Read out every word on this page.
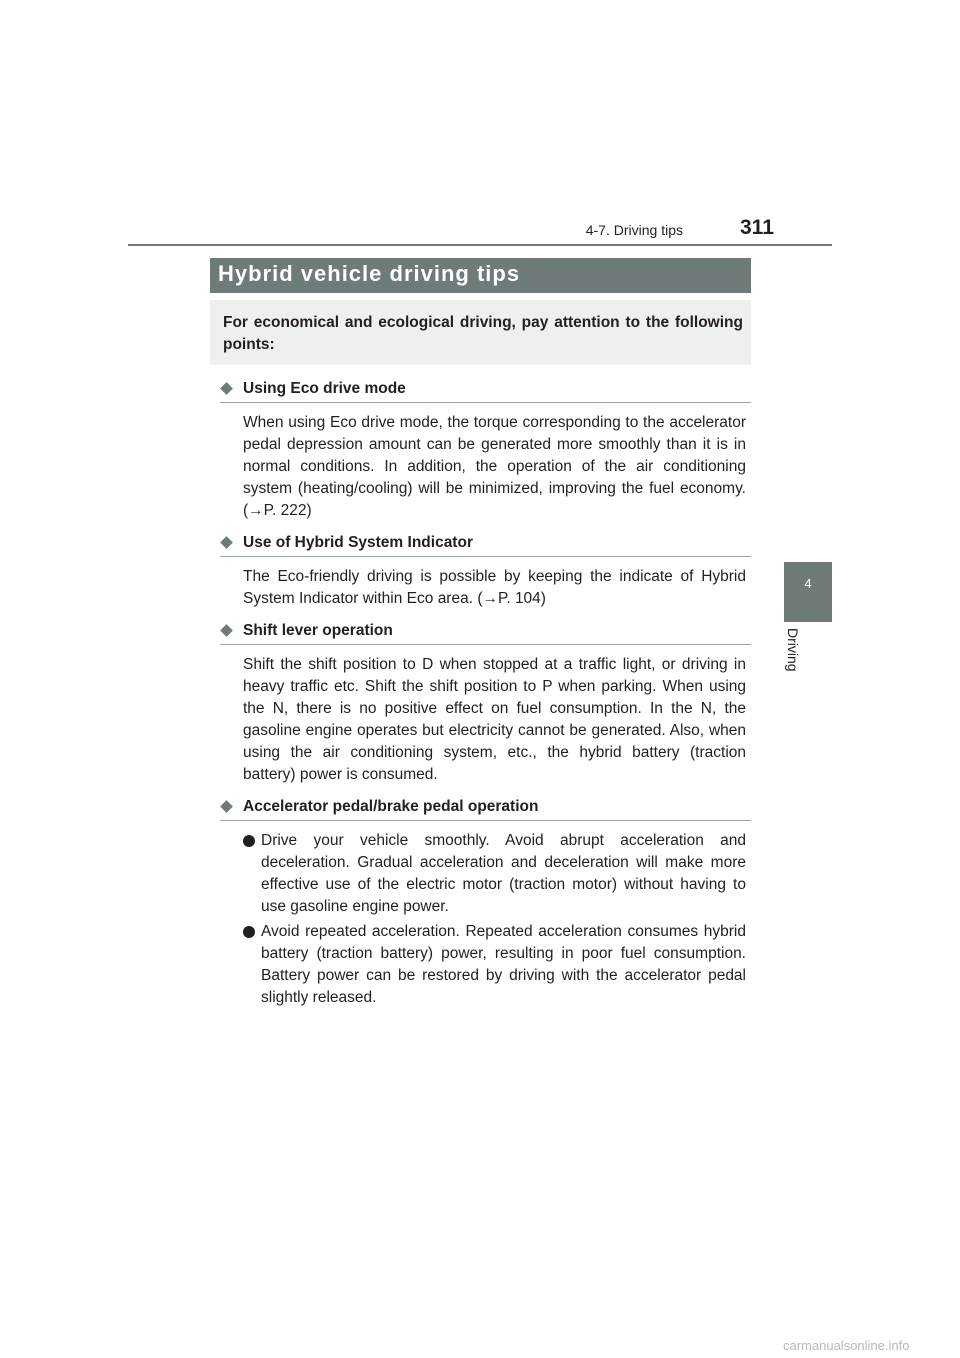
4-7. Driving tips	311
4
Driving
Hybrid vehicle driving tips
For economical and ecological driving, pay attention to the following points:
Using Eco drive mode
When using Eco drive mode, the torque corresponding to the accelerator pedal depression amount can be generated more smoothly than it is in normal conditions. In addition, the operation of the air conditioning system (heating/cooling) will be minimized, improving the fuel economy. (→P. 222)
Use of Hybrid System Indicator
The Eco-friendly driving is possible by keeping the indicate of Hybrid System Indicator within Eco area. (→P. 104)
Shift lever operation
Shift the shift position to D when stopped at a traffic light, or driving in heavy traffic etc. Shift the shift position to P when parking. When using the N, there is no positive effect on fuel consumption. In the N, the gasoline engine operates but electricity cannot be generated. Also, when using the air conditioning system, etc., the hybrid battery (traction battery) power is consumed.
Accelerator pedal/brake pedal operation
Drive your vehicle smoothly. Avoid abrupt acceleration and deceleration. Gradual acceleration and deceleration will make more effective use of the electric motor (traction motor) without having to use gasoline engine power.
Avoid repeated acceleration. Repeated acceleration consumes hybrid battery (traction battery) power, resulting in poor fuel consumption. Battery power can be restored by driving with the accelerator pedal slightly released.
carmanualsonline.info
